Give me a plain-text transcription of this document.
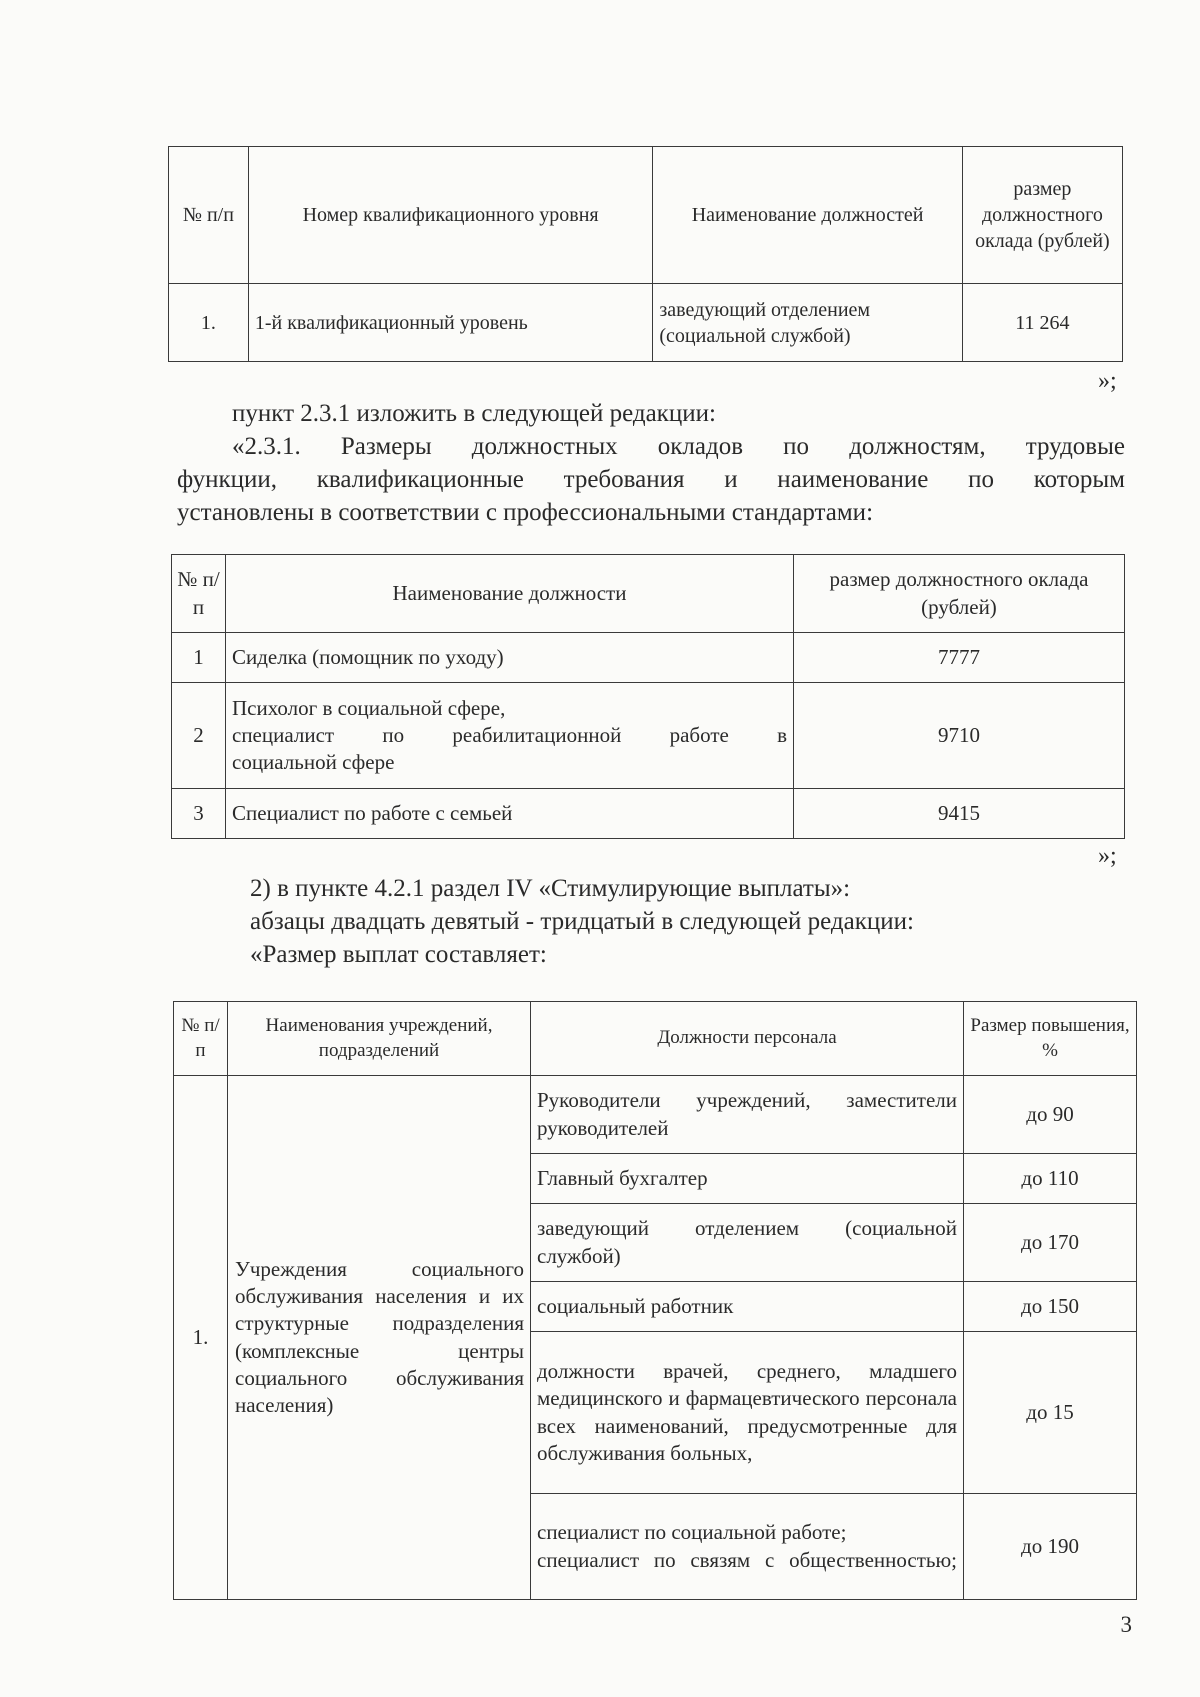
№ п/п	Номер квалификационного уровня	Наименование должностей	размер должностного оклада (рублей)
1.	1-й квалификационный уровень	заведующий отделением (социальной службой)	11 264
»;

пункт 2.3.1 изложить в следующей редакции:

«2.3.1. Размеры должностных окладов по должностям, трудовые

функции, квалификационные требования и наименование по которым

установлены в соответствии с профессиональными стандартами:

№ п/п	Наименование должности	размер должностного оклада (рублей)
1	Сиделка (помощник по уходу)	7777
2	Психолог в социальной сфере,
специалист по реабилитационной работе в
социальной сфере	9710
3	Специалист по работе с семьей	9415
»;

2) в пункте 4.2.1 раздел IV «Стимулирующие выплаты»:

абзацы двадцать девятый - тридцатый в следующей редакции:

«Размер выплат составляет:

№ п/п	Наименования учреждений, подразделений	Должности персонала	Размер повышения, %
1.	Учреждения социального обслуживания населения и их структурные подразделения (комплексные центры социального обслуживания населения)	Руководители учреждений, заместители руководителей	до 90
		Главный бухгалтер	до 110
		заведующий отделением (социальной службой)	до 170
		социальный работник	до 150
		должности врачей, среднего, младшего медицинского и фармацевтического персонала всех наименований, предусмотренные для обслуживания больных,	до 15

		специалист по социальной работе;
специалист по связям с общественностью;	до 190
3
